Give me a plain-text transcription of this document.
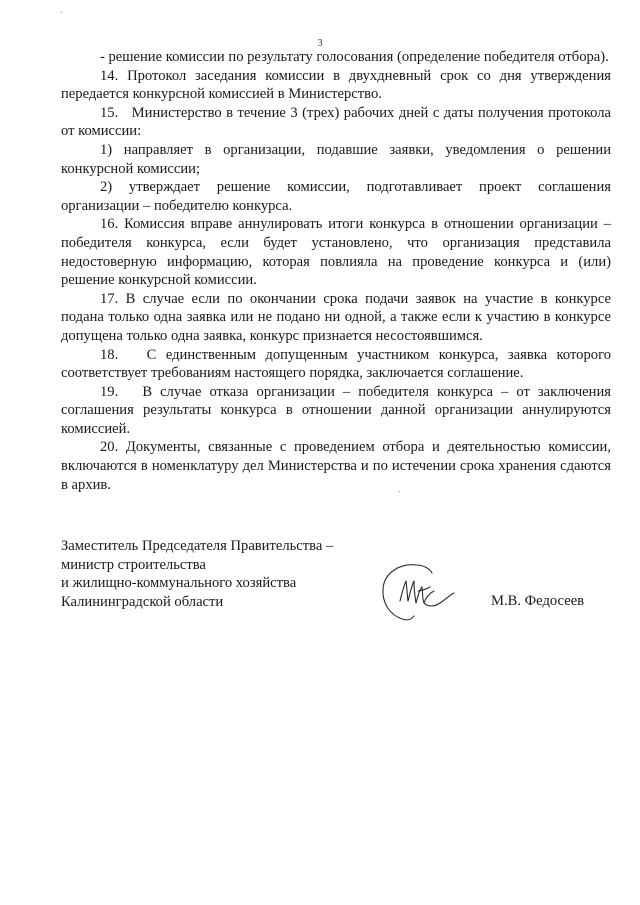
3

- решение комиссии по результату голосования (определение победителя отбора).

14. Протокол заседания комиссии в двухдневный срок со дня утверждения передается конкурсной комиссией в Министерство.

15.   Министерство в течение 3 (трех) рабочих дней с даты получения протокола от комиссии:

1) направляет в организации, подавшие заявки, уведомления о решении конкурсной комиссии;

2) утверждает решение комиссии, подготавливает проект соглашения организации – победителю конкурса.

16. Комиссия вправе аннулировать итоги конкурса в отношении организации – победителя конкурса, если будет установлено, что организация представила недостоверную информацию, которая повлияла на проведение конкурса и (или) решение конкурсной комиссии.

17. В случае если по окончании срока подачи заявок на участие в конкурсе подана только одна заявка или не подано ни одной, а также если к участию в конкурсе допущена только одна заявка, конкурс признается несостоявшимся.

18.   С единственным допущенным участником конкурса, заявка которого соответствует требованиям настоящего порядка, заключается соглашение.

19.   В случае отказа организации – победителя конкурса – от заключения соглашения результаты конкурса в отношении данной организации аннулируются комиссией.

20. Документы, связанные с проведением отбора и деятельностью комиссии, включаются в номенклатуру дел Министерства и по истечении срока хранения сдаются в архив.

Заместитель Председателя Правительства –
министр строительства
и жилищно-коммунального хозяйства
Калининградской области	М.В. Федосеев
